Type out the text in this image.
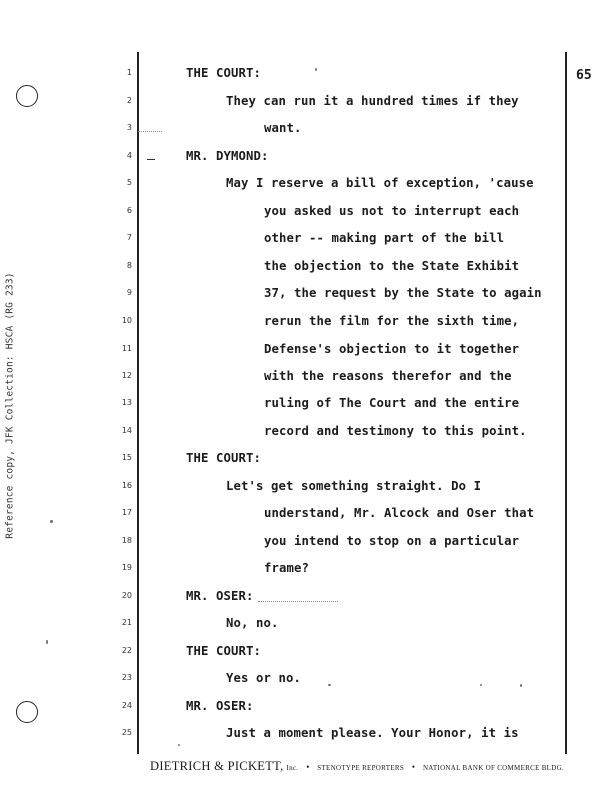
Reference copy, JFK Collection: HSCA (RG 233)
65
1
2
3
4
5
6
7
8
9
10
11
12
13
14
15
16
17
18
19
20
21
22
23
24
25
THE COURT:
They can run it a hundred times if they
want.
MR. DYMOND:
May I reserve a bill of exception, 'cause
you asked us not to interrupt each
other -- making part of the bill
the objection to the State Exhibit
37, the request by the State to again
rerun the film for the sixth time,
Defense's objection to it together
with the reasons therefor and the
ruling of The Court and the entire
record and testimony to this point.
THE COURT:
Let's get something straight. Do I
understand, Mr. Alcock and Oser that
you intend to stop on a particular
frame?
MR. OSER:
No, no.
THE COURT:
Yes or no.
MR. OSER:
Just a moment please. Your Honor, it is
DIETRICH & PICKETT, Inc. • STENOTYPE REPORTERS • NATIONAL BANK OF COMMERCE BLDG.
